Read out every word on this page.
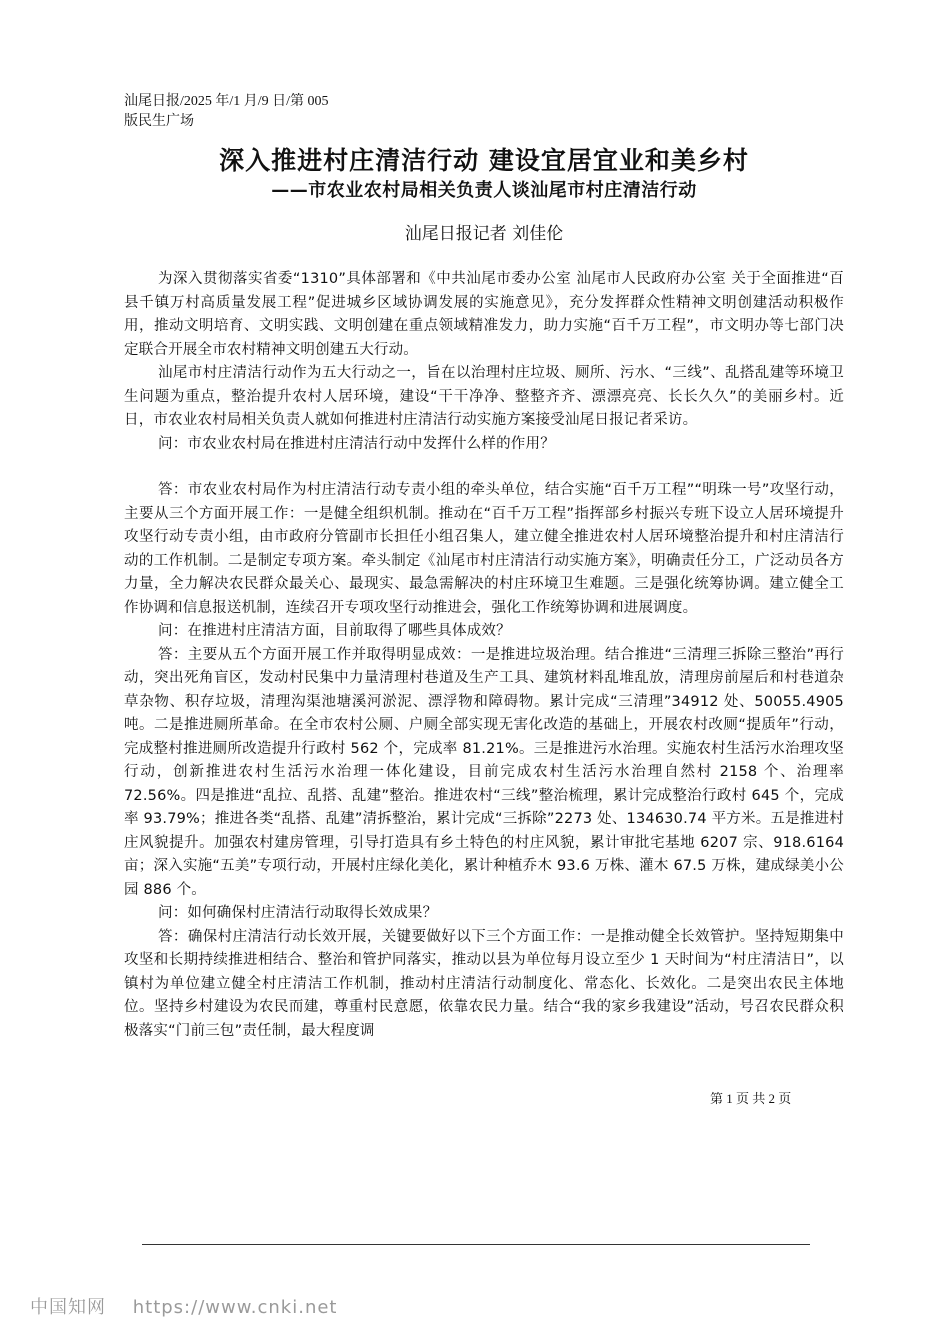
汕尾日报/2025 年/1 月/9 日/第 005

版民生广场

深入推进村庄清洁行动 建设宜居宜业和美乡村
——市农业农村局相关负责人谈汕尾市村庄清洁行动
汕尾日报记者 刘佳伦

为深入贯彻落实省委“1310”具体部署和《中共汕尾市委办公室 汕尾市人民政府办公室 关于全面推进“百县千镇万村高质量发展工程”促进城乡区域协调发展的实施意见》，充分发挥群众性精神文明创建活动积极作用，推动文明培育、文明实践、文明创建在重点领域精准发力，助力实施“百千万工程”，市文明办等七部门决定联合开展全市农村精神文明创建五大行动。

汕尾市村庄清洁行动作为五大行动之一，旨在以治理村庄垃圾、厕所、污水、“三线”、乱搭乱建等环境卫生问题为重点，整治提升农村人居环境，建设“干干净净、整整齐齐、漂漂亮亮、长长久久”的美丽乡村。近日，市农业农村局相关负责人就如何推进村庄清洁行动实施方案接受汕尾日报记者采访。

问：市农业农村局在推进村庄清洁行动中发挥什么样的作用？

答：市农业农村局作为村庄清洁行动专责小组的牵头单位，结合实施“百千万工程”“明珠一号”攻坚行动，主要从三个方面开展工作：一是健全组织机制。推动在“百千万工程”指挥部乡村振兴专班下设立人居环境提升攻坚行动专责小组，由市政府分管副市长担任小组召集人，建立健全推进农村人居环境整治提升和村庄清洁行动的工作机制。二是制定专项方案。牵头制定《汕尾市村庄清洁行动实施方案》，明确责任分工，广泛动员各方力量，全力解决农民群众最关心、最现实、最急需解决的村庄环境卫生难题。三是强化统筹协调。建立健全工作协调和信息报送机制，连续召开专项攻坚行动推进会，强化工作统筹协调和进展调度。

问：在推进村庄清洁方面，目前取得了哪些具体成效？

答：主要从五个方面开展工作并取得明显成效：一是推进垃圾治理。结合推进“三清理三拆除三整治”再行动，突出死角盲区，发动村民集中力量清理村巷道及生产工具、建筑材料乱堆乱放，清理房前屋后和村巷道杂草杂物、积存垃圾，清理沟渠池塘溪河淤泥、漂浮物和障碍物。累计完成“三清理”34912 处、50055.4905 吨。二是推进厕所革命。在全市农村公厕、户厕全部实现无害化改造的基础上，开展农村改厕“提质年”行动，完成整村推进厕所改造提升行政村 562 个，完成率 81.21%。三是推进污水治理。实施农村生活污水治理攻坚行动，创新推进农村生活污水治理一体化建设，目前完成农村生活污水治理自然村 2158 个、治理率 72.56%。四是推进“乱拉、乱搭、乱建”整治。推进农村“三线”整治梳理，累计完成整治行政村 645 个，完成率 93.79%；推进各类“乱搭、乱建”清拆整治，累计完成“三拆除”2273 处、134630.74 平方米。五是推进村庄风貌提升。加强农村建房管理，引导打造具有乡土特色的村庄风貌，累计审批宅基地 6207 宗、918.6164 亩；深入实施“五美”专项行动，开展村庄绿化美化，累计种植乔木 93.6 万株、灌木 67.5 万株，建成绿美小公园 886 个。

问：如何确保村庄清洁行动取得长效成果？

答：确保村庄清洁行动长效开展，关键要做好以下三个方面工作：一是推动健全长效管护。坚持短期集中攻坚和长期持续推进相结合、整治和管护同落实，推动以县为单位每月设立至少 1 天时间为“村庄清洁日”，以镇村为单位建立健全村庄清洁工作机制，推动村庄清洁行动制度化、常态化、长效化。二是突出农民主体地位。坚持乡村建设为农民而建，尊重村民意愿，依靠农民力量。结合“我的家乡我建设”活动，号召农民群众积极落实“门前三包”责任制，最大程度调

第 1 页 共 2 页
中国知网 https://www.cnki.net
